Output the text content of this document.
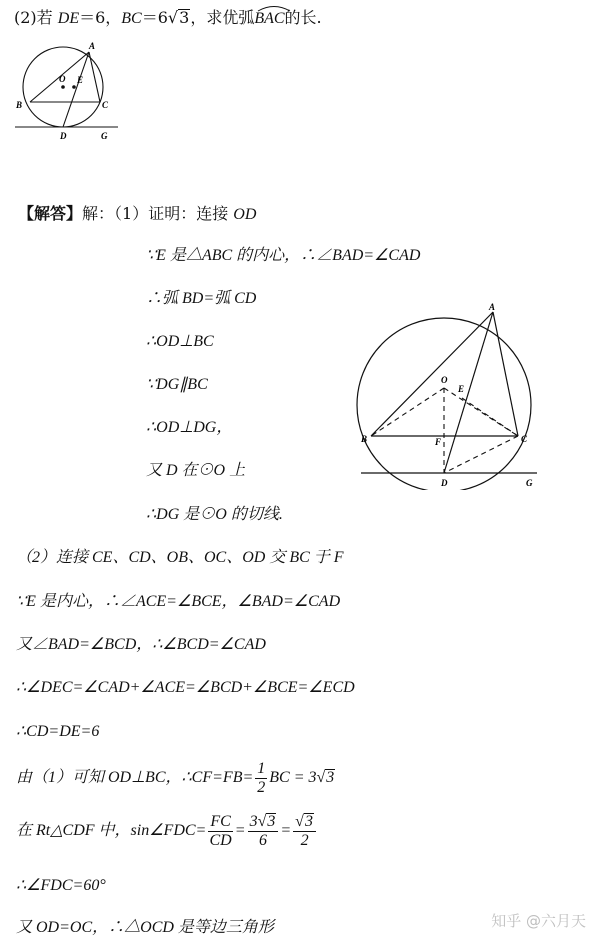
(2)若 DE＝6，BC＝6√3，求优弧
BAC的长.
A
O E
B	C
D	G
【解答】解：（1）证明：连接 OD
∵E 是△ABC 的内心，∴∠BAD=∠CAD
∴弧 BD=弧 CD
∴OD⊥BC
∵DG∥BC
∴OD⊥DG，
又 D 在⊙O 上
∴DG 是⊙O 的切线.
A
O
E
B	F	C
D	G
（2）连接 CE、CD、OB、OC、OD 交 BC 于 F
∵E 是内心，∴∠ACE=∠BCE，∠BAD=∠CAD
又∠BAD=∠BCD，∴∠BCD=∠CAD
∴∠DEC=∠CAD+∠ACE=∠BCD+∠BCE=∠ECD
∴CD=DE=6
由（1）可知 OD⊥BC，∴CF=FB= $\frac{1}{2}$ BC = 3 √3
在 Rt△CDF 中，sin∠FDC= $\frac{FC}{CD} = \frac{3√3}{6} = \frac{√3}{2}$
∴∠FDC=60°
又 OD=OC，∴△OCD 是等边三角形	知乎 @六月天
